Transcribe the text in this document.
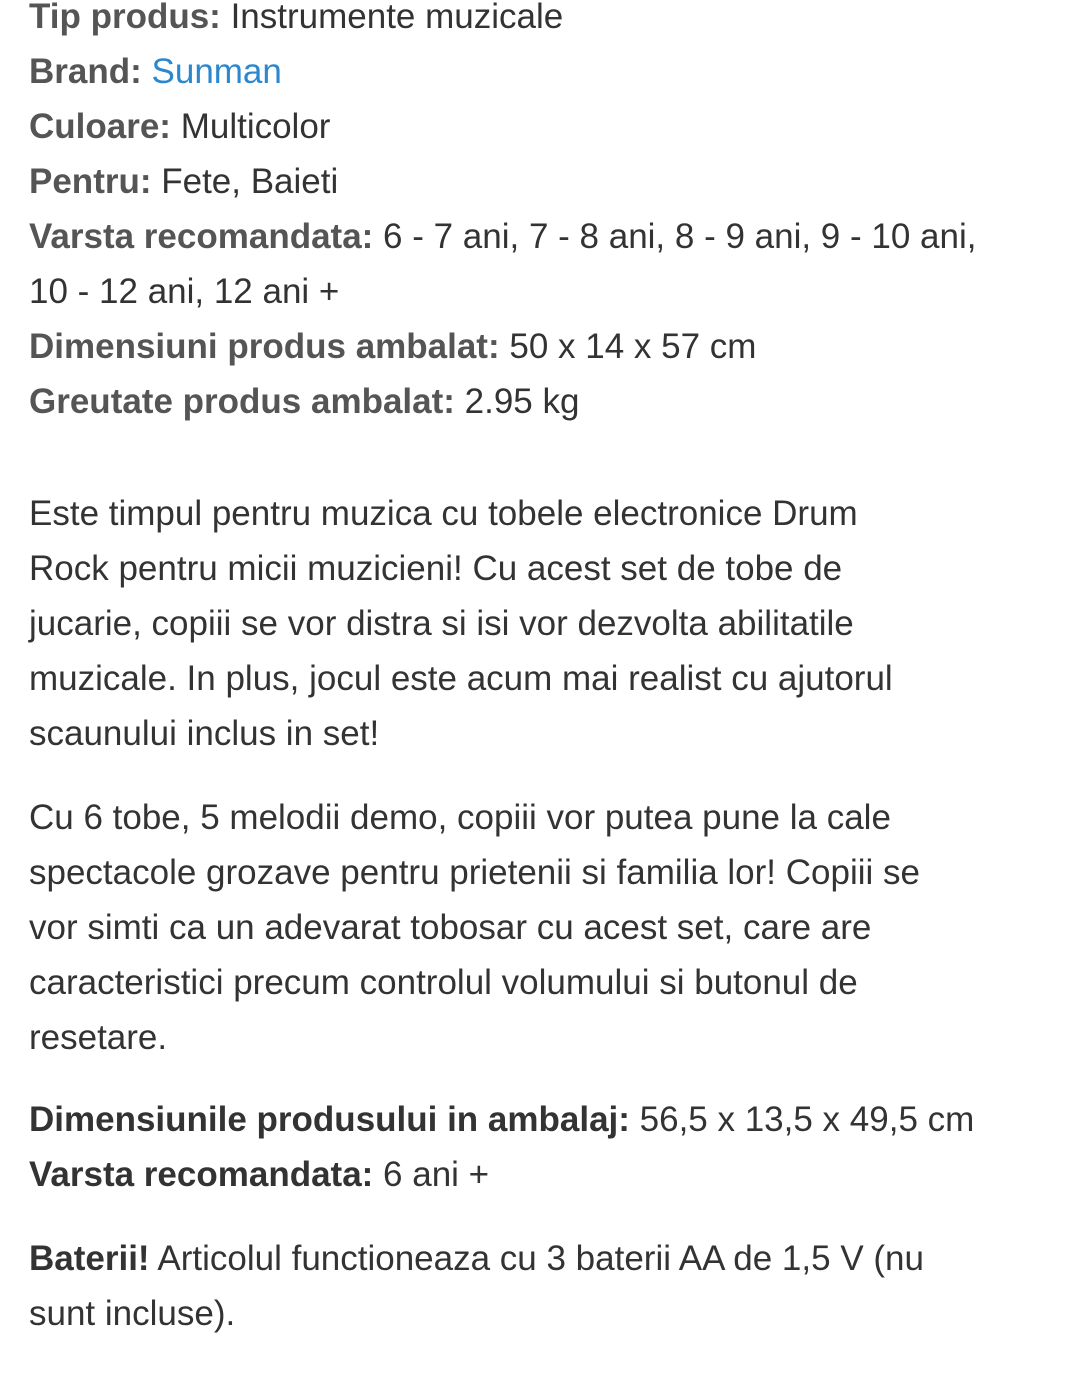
Tip produs: Instrumente muzicale
Brand: Sunman
Culoare: Multicolor
Pentru: Fete, Baieti
Varsta recomandata: 6 - 7 ani, 7 - 8 ani, 8 - 9 ani, 9 - 10 ani,
10 - 12 ani, 12 ani +
Dimensiuni produs ambalat: 50 x 14 x 57 cm
Greutate produs ambalat: 2.95 kg

Este timpul pentru muzica cu tobele electronice Drum
Rock pentru micii muzicieni! Cu acest set de tobe de
jucarie, copiii se vor distra si isi vor dezvolta abilitatile
muzicale. In plus, jocul este acum mai realist cu ajutorul
scaunului inclus in set!

Cu 6 tobe, 5 melodii demo, copiii vor putea pune la cale
spectacole grozave pentru prietenii si familia lor! Copiii se
vor simti ca un adevarat tobosar cu acest set, care are
caracteristici precum controlul volumului si butonul de
resetare.

Dimensiunile produsului in ambalaj: 56,5 x 13,5 x 49,5 cm
Varsta recomandata: 6 ani +

Baterii! Articolul functioneaza cu 3 baterii AA de 1,5 V (nu
sunt incluse).
